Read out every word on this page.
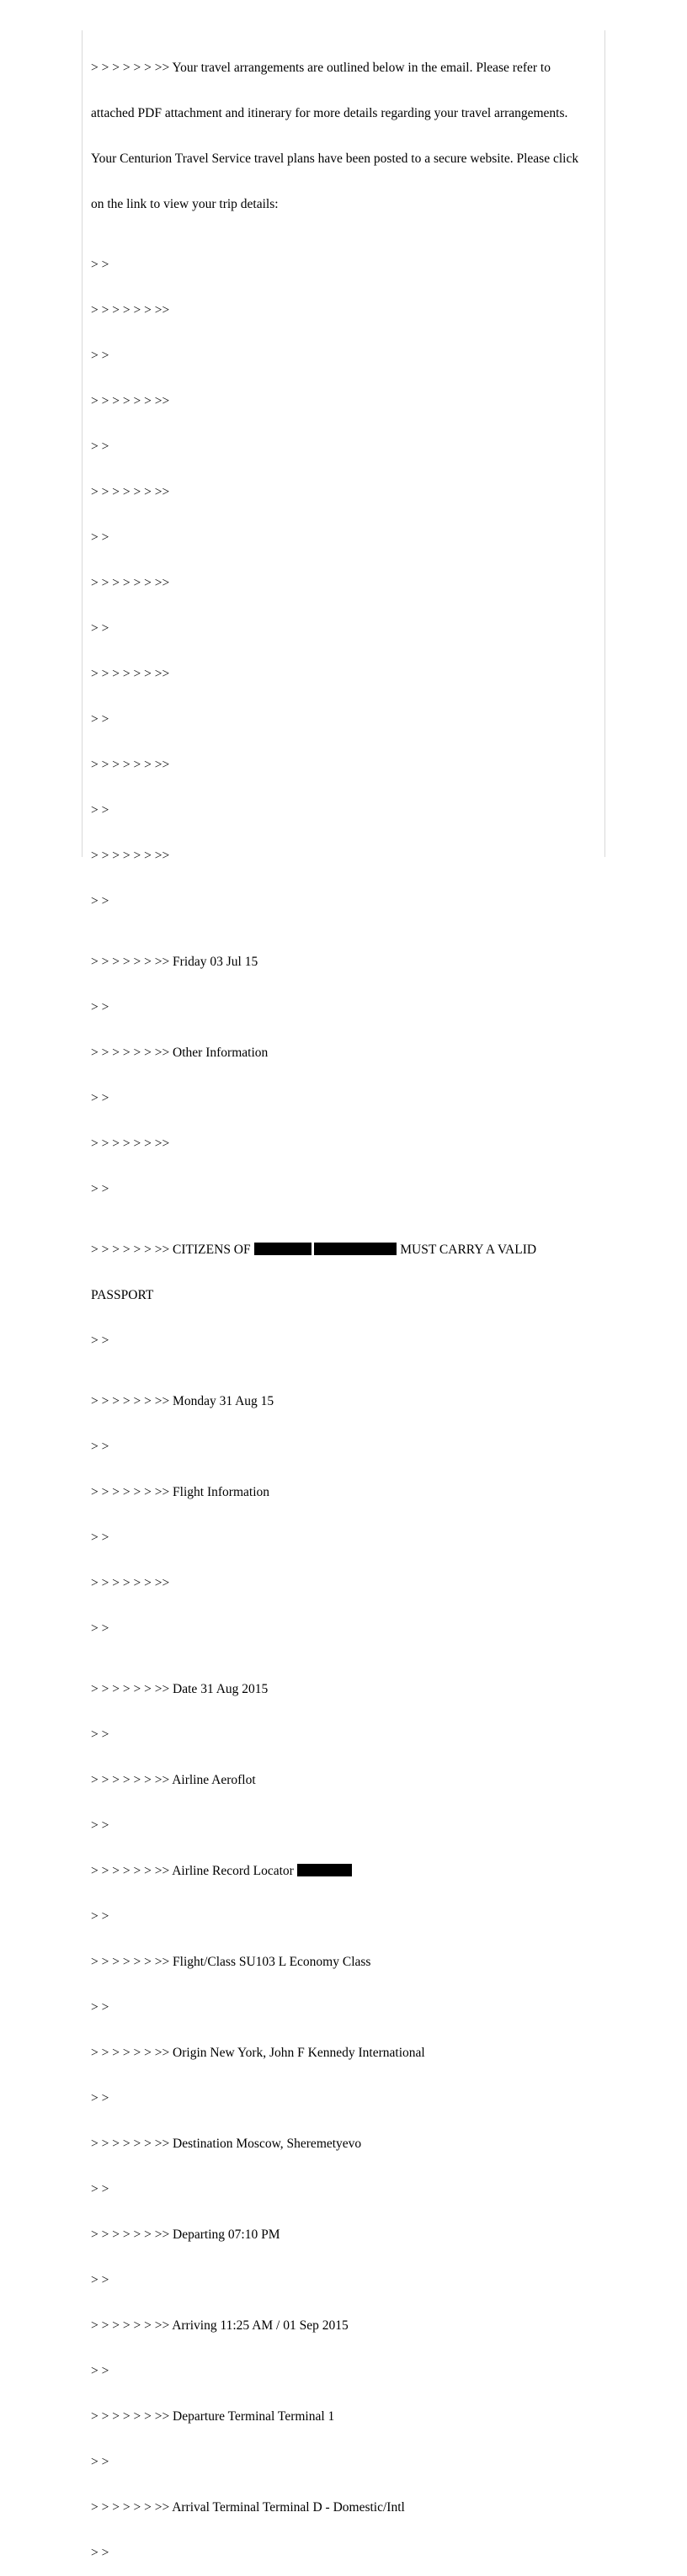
> > > > > > >> Your travel arrangements are outlined below in the email. Please refer to

attached PDF attachment and itinerary for more details regarding your travel arrangements.

Your Centurion Travel Service travel plans have been posted to a secure website. Please click

on the link to view your trip details:

> >

> > > > > > >>

> >

> > > > > > >>

> >

> > > > > > >>

> >

> > > > > > >>

> >

> > > > > > >>

> >

> > > > > > >>

> >

> > > > > > >>

> >

> > > > > > >> Friday 03 Jul 15

> >

> > > > > > >> Other Information

> >

> > > > > > >>

> >

> > > > > > >> CITIZENS OF	MUST CARRY A VALID

PASSPORT

> >

> > > > > > >> Monday 31 Aug 15

> >

> > > > > > >> Flight Information

> >

> > > > > > >>

> >

> > > > > > >> Date 31 Aug 2015

> >

> > > > > > >> Airline Aeroflot

> >

> > > > > > >> Airline Record Locator

> >

> > > > > > >> Flight/Class SU103 L Economy Class

> >

> > > > > > >> Origin New York, John F Kennedy International

> >

> > > > > > >> Destination Moscow, Sheremetyevo

> >

> > > > > > >> Departing 07:10 PM

> >

> > > > > > >> Arriving 11:25 AM / 01 Sep 2015

> >

> > > > > > >> Departure Terminal Terminal 1

> >

> > > > > > >> Arrival Terminal Terminal D - Domestic/Intl

> >
